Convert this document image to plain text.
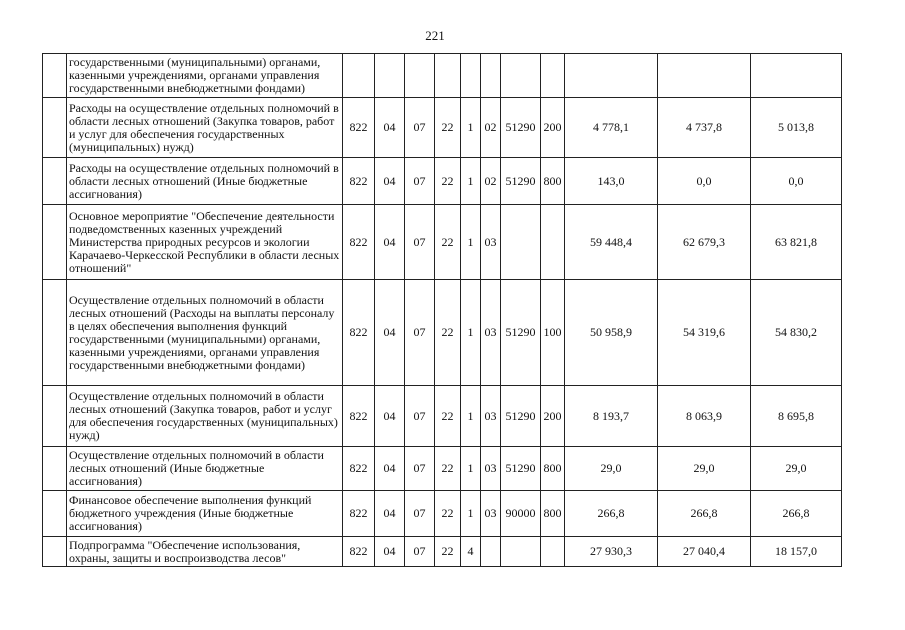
221
	государственными (муниципальными) органами, казенными учреждениями, органами управления государственными внебюджетными фондами)											
	Расходы на осуществление отдельных полномочий в области лесных отношений (Закупка товаров, работ и услуг для обеспечения государственных (муниципальных) нужд)	822	04	07	22	1	02	51290	200	4 778,1	4 737,8	5 013,8
	Расходы на осуществление отдельных полномочий в области лесных отношений (Иные бюджетные ассигнования)	822	04	07	22	1	02	51290	800	143,0	0,0	0,0
	Основное мероприятие "Обеспечение деятельности подведомственных казенных учреждений Министерства природных ресурсов и экологии Карачаево-Черкесской Республики в области лесных отношений"	822	04	07	22	1	03			59 448,4	62 679,3	63 821,8
	Осуществление отдельных полномочий в области лесных отношений (Расходы на выплаты персоналу в целях обеспечения выполнения функций государственными (муниципальными) органами, казенными учреждениями, органами управления государственными внебюджетными фондами)	822	04	07	22	1	03	51290	100	50 958,9	54 319,6	54 830,2
	Осуществление отдельных полномочий в области лесных отношений (Закупка товаров, работ и услуг для обеспечения государственных (муниципальных) нужд)	822	04	07	22	1	03	51290	200	8 193,7	8 063,9	8 695,8
	Осуществление отдельных полномочий в области лесных отношений (Иные бюджетные ассигнования)	822	04	07	22	1	03	51290	800	29,0	29,0	29,0
	Финансовое обеспечение выполнения функций бюджетного учреждения (Иные бюджетные ассигнования)	822	04	07	22	1	03	90000	800	266,8	266,8	266,8
	Подпрограмма "Обеспечение использования, охраны, защиты и воспроизводства лесов"	822	04	07	22	4				27 930,3	27 040,4	18 157,0
